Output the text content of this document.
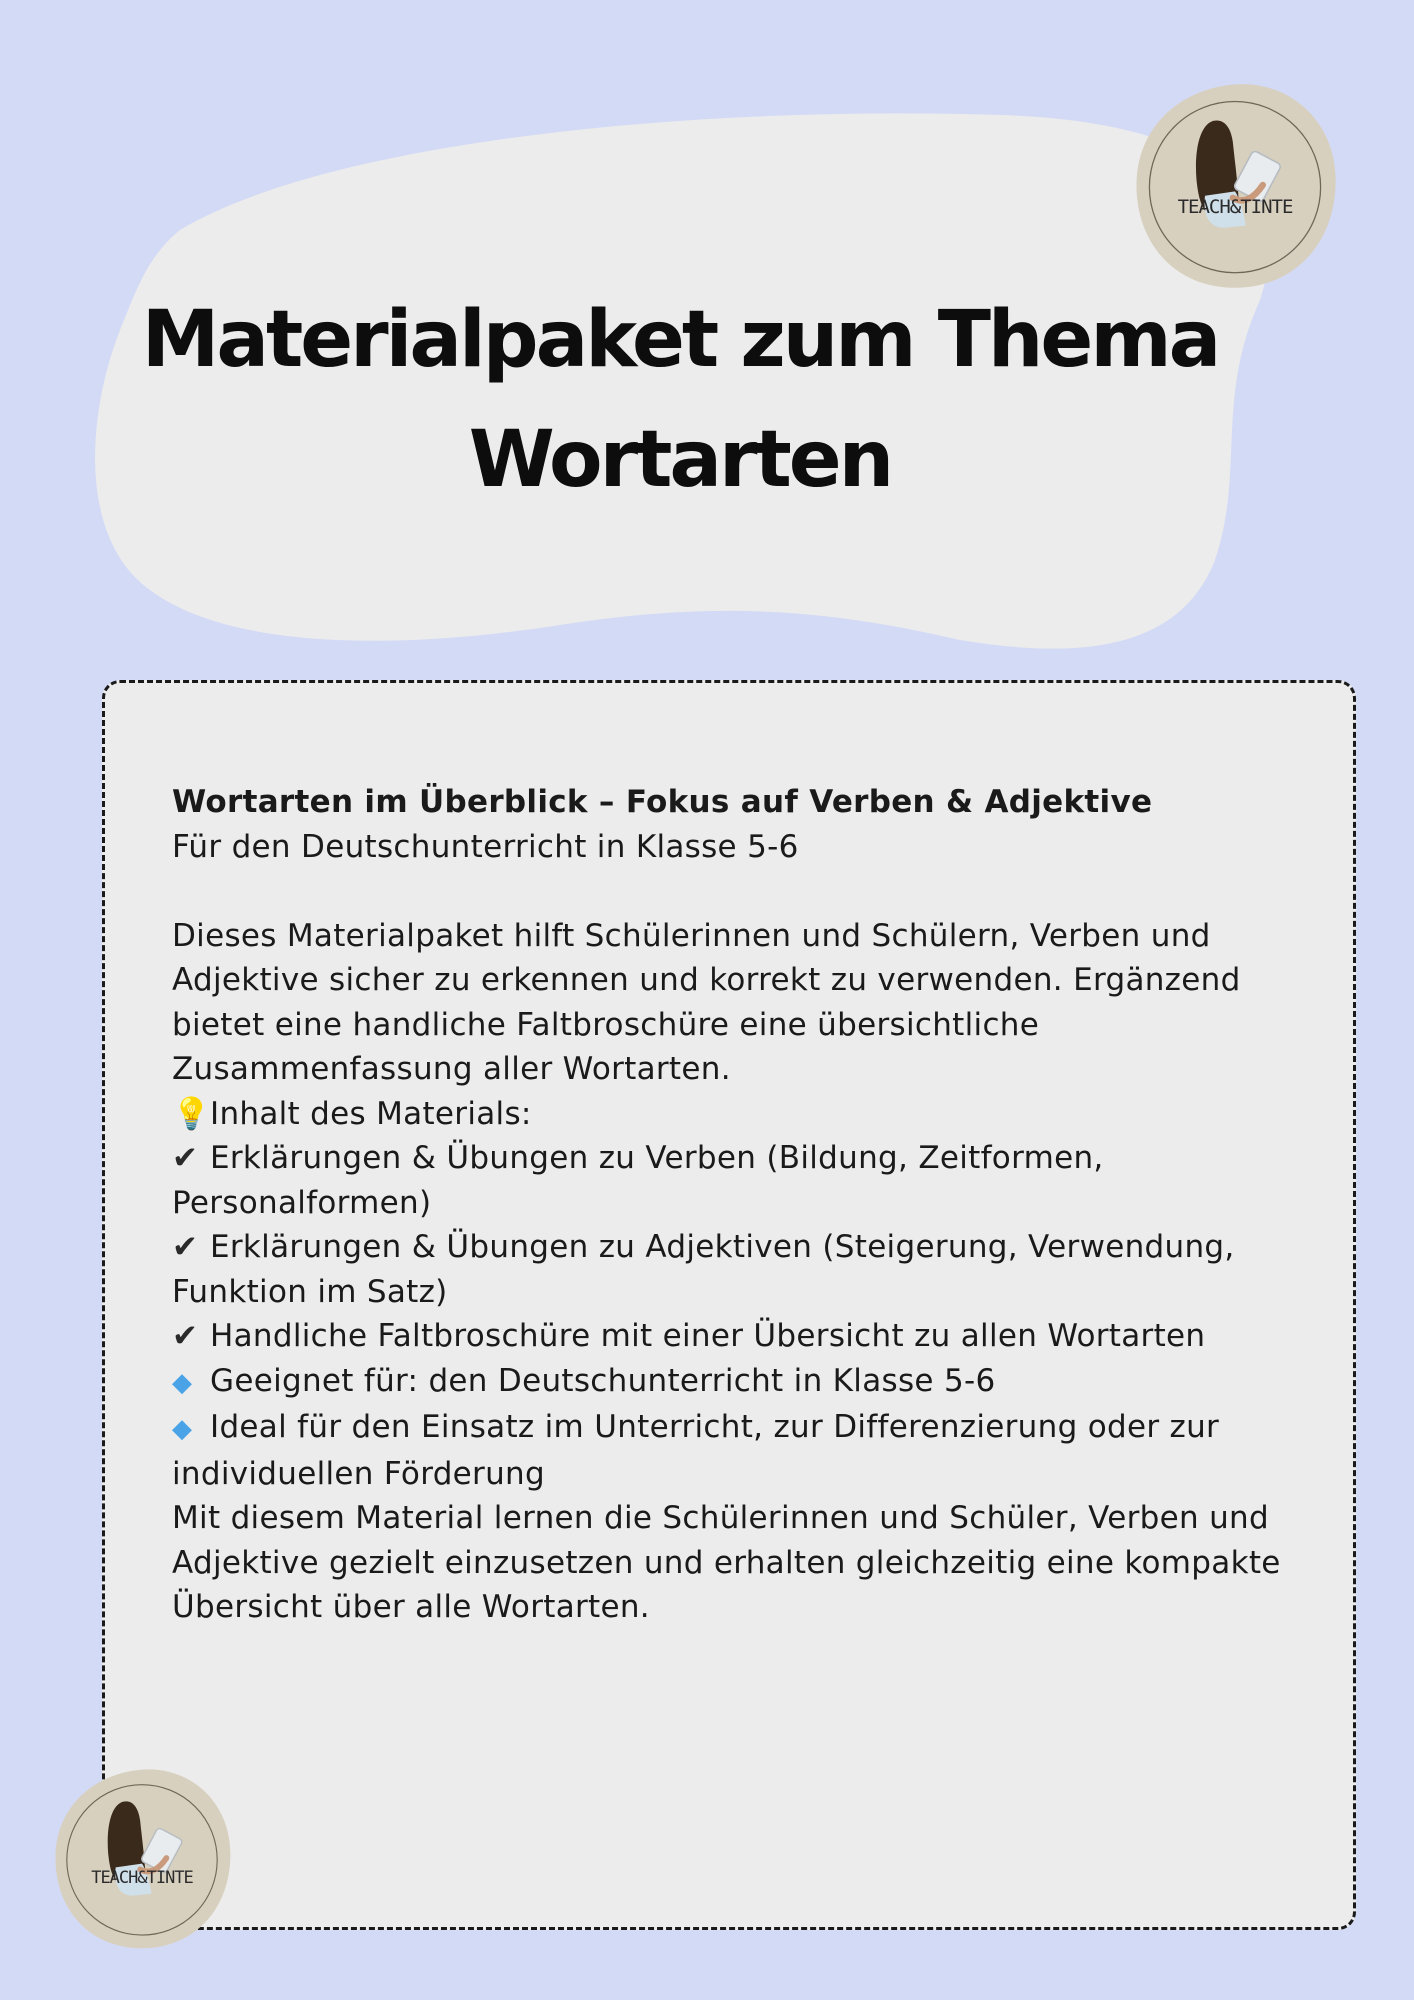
Materialpaket zum Thema
Wortarten

Wortarten im Überblick – Fokus auf Verben & Adjektive

Für den Deutschunterricht in Klasse 5-6

Dieses Materialpaket hilft Schülerinnen und Schülern, Verben und Adjektive sicher zu erkennen und korrekt zu verwenden. Ergänzend bietet eine handliche Faltbroschüre eine übersichtliche Zusammenfassung aller Wortarten.

💡Inhalt des Materials:

✔ Erklärungen & Übungen zu Verben (Bildung, Zeitformen, Personalformen)

✔ Erklärungen & Übungen zu Adjektiven (Steigerung, Verwendung, Funktion im Satz)

✔ Handliche Faltbroschüre mit einer Übersicht zu allen Wortarten

◆ Geeignet für: den Deutschunterricht in Klasse 5-6

◆ Ideal für den Einsatz im Unterricht, zur Differenzierung oder zur individuellen Förderung

Mit diesem Material lernen die Schülerinnen und Schüler, Verben und Adjektive gezielt einzusetzen und erhalten gleichzeitig eine kompakte Übersicht über alle Wortarten.

TEACH&TINTE
TEACH&TINTE
